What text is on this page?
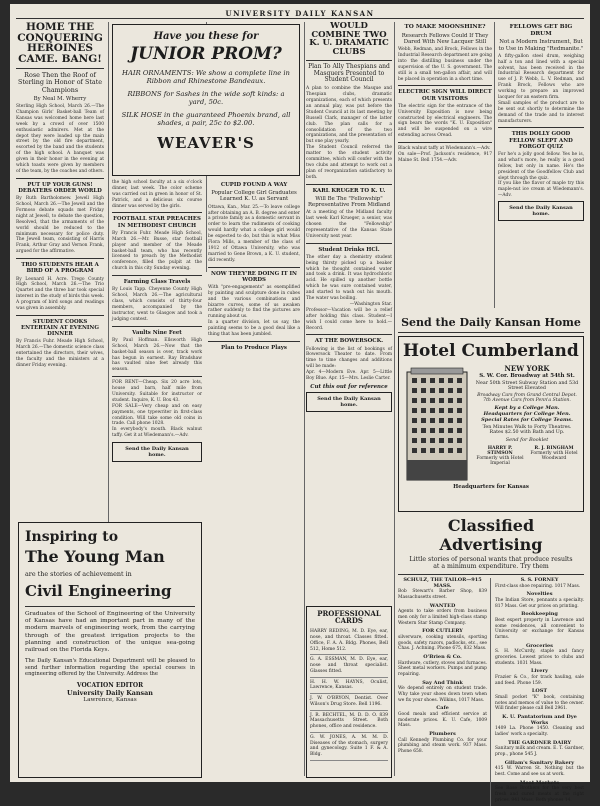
UNIVERSITY DAILY KANSAN
HOME THE CONQUERING HEROINES CAME. BANG!
Rose Then the Roof of Sterling in Honor of State Champions
By Neal M. Wherry
Sterling High School, March 26.—The Champion Girls' Basket-ball Team of Kansas was welcomed home here last week by a crowd of over 1500 enthusiastic admirers. Met at the depot they were loaded up the main street by the old fire department, escorted by the band and the students of the high school. A banquet was given in their honor in the evening at which toasts were given by members of the team, by the coaches and others.
PUT UP YOUR GUNS! DEBATERS ORDER WORLD
By Ruth Bartholomew. Jewell High School, March 26.—The Jewell and the Formoso debate squads met Friday night at Jewell, to debate the question, Resolved, that the armaments of the world should be reduced to the minimum necessary for police duty. The Jewell team, consisting of Harris Frank, Arthur Gray and Vernon Frank, argued for the affirmative.
TRIO STUDENTS HEAR A BIRD OF A PROGRAM
By Leonard H. Acre. Trego County High School, March 26.—The Trio Quartet and the three bar took special interest in the study of birds this week. A program of bird songs and readings was given in assembly.
STUDENT COOKS ENTERTAIN AT EVENING DINNER
By Francis Fuhr. Meade High School, March 26.—The domestic science class entertained the directors, their wives, the faculty and the ministers at a dinner Friday evening.
Have you these for
JUNIOR PROM?
HAIR ORNAMENTS: We show a complete line in Ribbon and Rhinestone Bandeaux.
RIBBONS for Sashes in the wide soft kinds: a yard, 50c.
SILK HOSE in the guaranteed Phoenix brand, all shades, a pair, 25c to $2.00.
WEAVER'S
the high school faculty at a six o'clock dinner, last week. The color scheme was carried out in green in honor of St. Patrick, and a delicious six course dinner was served by the girls.
FOOTBALL STAR PREACHES IN METHODIST CHURCH
By Francis Fuhr. Meade High School, March 26.—Mr. Busse, star football player and member of the Meade basket-ball team, who has recently licensed to preach by the Methodist conference, filled the pulpit at the church in this city Sunday evening.
Farming Class Travels
By Louis Tapp. Cheyenne County High School, March 26.—The agricultural class, which consists of thirty-four members, accompanied by the instructor, went to Glasgow and took a judging contest.
Vaults Nine Feet
By Paul Hoffman. Ellsworth High School, March 26.—Now that the basket-ball season is over, track work has begun in earnest. Ray Bradshaw has vaulted nine feet already this season.
FOR RENT—Cheap. Six 20 acre lots, house and barn, half mile from University. Suitable for instructor or student. Inquire, K. U. Box 43.
FOR SALE—Very cheap and on easy payments, one typewriter in first-class condition. Will take some old coins in trade. Call phone 1028.
In everybody's mouth. Black walnut taffy. Get it at Wiedemann's.—Adv.
Send the Daily Kansan home.
CUPID FOUND A WAY
Popular College Girl Graduates Learned K. U. as Servant
Ottawa, Kan., Mar. 25.—To leave college after obtaining an A. B. degree and enter a private family as a domestic servant in order to learn the rudiments of cooking would hardly what a college girl would be expected to do, but this is what Miss Flora Mills, a member of the class of 1912 of Ottawa University, who was married to Gene Brown, a K. U. student, did recently.
NOW THEY'RE DOING IT IN WORDS
With "pre-engagements" as exemplified by painting and sculpture done in cubes and the various combinations and bizarre curves, some of us awaken rather suddenly to find the pictures are running about us.
In a quarter division, let us say, the painting seems to be a good deal like a thing that has been jumbled.
Plan to Produce Plays
WOULD COMBINE TWO K. U. DRAMATIC CLUBS
Plan To Ally Thespians and Masquers Presented to Student Council
A plan to combine the Masque and Thespian clubs, dramatic organizations, each of which presents an annual play, was put before the Student Council at its last meeting by Russell Clark, manager of the latter club. The plan calls for a consolidation of the two organizations, and the presentation of but one play yearly.
The Student Council referred the matter to the student activity committee, which will confer with the two clubs and attempt to work out a plan of reorganization satisfactory to both.
KARL KRUGER TO K. U.
Will Be The "Fellowship" Representative From Midland
At a meeting of the Midland faculty last week Karl Krueger, a senior, was chosen the "Fellowship" representative of the Kansas State University next year.
Student Drinks HCl.
The other day a chemistry student being thirsty picked up a beaker which he thought contained water and took a drink. It was hydrochloric acid. He spilled up another bottle which he was sure contained water, and started to wash out his mouth. The water was boiling.
—Washington Star.
Professor—Vacation will be a relief after holding this class. Student—I wish I could come here to hold.—Record.
AT THE BOWERSOCK.
Following is the list of bookings of Bowersock Theater to date. From time to time changes and additions will be made:
Apr. 4—Modern Eve. Apr. 5—Little Boy Blue. Apr. 15—Mrs. Leslie Carter.
Cut this out for reference
Send the Daily Kansan home.
PROFESSIONAL CARDS
HARRY REDING, M. D. Eye, ear, nose, and throat. Classes fitted. Office, F. A. A. Bldg. Phones, Bell 512, Home 512.
G. A. ESSMAN, M. D. Eye, ear, nose and throat specialist. Glasses fitted.
H. H. W. HAYNS, Oculist, Lawrence, Kansas.
J. W. O'BRYON, Dentist. Over Wilson's Drug Store. Bell 1196.
J. R. BECHTEL, M. D. D. O. 839 Massachusetts Street. Both phones, office and residence.
G. W. JONES, A. M. M. D. Diseases of the stomach, surgery and gynecology. Suite 1 F. & A. Bldg.
TO MAKE MOONSHINE?
Research Fellows Could If They Dared With New Lacquer Still
Webb, Redman, and Brock, Fellows in the Industrial Research department are going into the distilling business under the supervision of the U. S. government. The still is a small ten-gallon affair, and will be placed in operation in a short time.
ELECTRIC SIGN WILL DIRECT OUR VISITORS
The electric sign for the entrance of the University Exposition is now being constructed by electrical engineers. The sign bears the words "K. U. Exposition" and will be suspended on a wire extending across Oread.
Black walnut taffy at Wiedemann's.—Adv.
On sale—Prof. Jackson's residence, 917 Maine St. Bell 1754.—Adv.
FELLOWS GET BIG DRUM
Not a Modern Instrument, But to Use in Making "Redmanite."
A fifty-gallon steel drum, weighing half a ton and lined with a special solvent, has been received in the Industrial Research department for use of J. P. Webb, L. V. Redman, and Frank Brock, Fellows who are working to prepare an improved lacquer for an eastern firm.
Small samples of the product are to be sent out shortly to determine the demand of the trade and to interest manufacturers.
THIS DOLLY GOOD FELLOW SLEPT AND FORGOT QUIZ
For he's a jolly good fellow. Yes he is, and what's more, he really is a good fellow, but only in name. He's the president of the Goodfellow Club and slept through the quiz.
If you like the flavor of maple try this maple-nut ice cream at Wiedemann's.—Adv.
Send the Daily Kansan home.
Send the Daily Kansan Home
Hotel Cumberland
NEW YORK
S. W. Cor. Broadway at 54th St.
Near 50th Street Subway Station and 53d Street Elevated
Broadway Cars from Grand Central Depot. 7th Avenue Cars from Penn'a Station.
Kept by a College Man. Headquarters for College Men. Special Rates for College Teams.
Ten Minutes Walk to Forty Theatres. Rates $2.50 with Bath and Up.
Send for Booklet
HARRY P. STIMSON
Formerly with Hotel Imperial
R. J. BINGHAM
Formerly with Hotel Woodward
Headquarters for Kansas
Classified Advertising
Little stories of personal wants that produce results at a minimum expenditure. Try them
SCHULZ, THE TAILOR—915 MASS.
Bob Stewart's Barber Shop, 839 Massachusetts street.
WANTED
Agents to take orders from business men only for a limited high-class stamp Western Star Stamp Company.
FOR CUTLERY
silverware, cooking utensils, sporting goods, safety razors, padlocks, etc., see Chas. J. Achning. Phone 675, 832 Mass.
O'Brien & Co.
Hardware, cutlery, stoves and furnaces. Sheet metal workers. Pumps and pump repairing.
Say And Think
We depend entirely on student trade. Why take your shoes down town when we fix your shoes. Wilkins, 1017 Mass.
Cafe
Good meals and efficient service at moderate prices. K. U. Cafe, 1009 Mass.
Plumbers
Call Kennedy Plumbing Co. for your plumbing and steam work. 937 Mass. Phone 658.
S. S. FORNEY
First-class shoe repairing. 1017 Mass.
Novelties
The Indian Store, pennants a specialty. 817 Mass. Get our prices on printing.
Bookkeeping
Best expert property in Lawrence and some residences, all convenient to University or exchange for Kansas farms.
Groceries
S. H. McCurdy, staple and fancy groceries. Lowest prices to clubs and students. 1031 Mass.
Livery
Frazier & Co., for track hauling, sale and feed. Phone 159.
LOST
Small pocket "K" book, containing notes and memos of value to the owner. Will finder please call Bell 2961.
K. U. Pantatorium and Dye Works
1409 La. Phone 1450. Cleaning and ladies' work a specialty.
THE GARDNER DAIRY
Sanitary milk and cream. E. T. Gardner, prop., phone 545 J.
Gillam's Sanitary Bakery
415 W. Warren St. Nothing but the best. Come and see us at work.
Meat Markets
See Rose Brothers for the very best fresh and cured meats at the right prices. 941 Mass. Both phones 14.
Inspiring to
The Young Man
are the stories of achievement in
Civil Engineering
Graduates of the School of Engineering of the University of Kansas have had an important part in many of the modern marvels of engineering work, from the carrying through of the greatest irrigation projects to the planning and construction of the unique sea-going railroad on the Florida Keys.
The Daily Kansan's Educational Department will be pleased to send further information regarding the special courses in engineering offered by the University. Address the
VOCATION EDITOR
University Daily Kansan
Lawrence, Kansas
